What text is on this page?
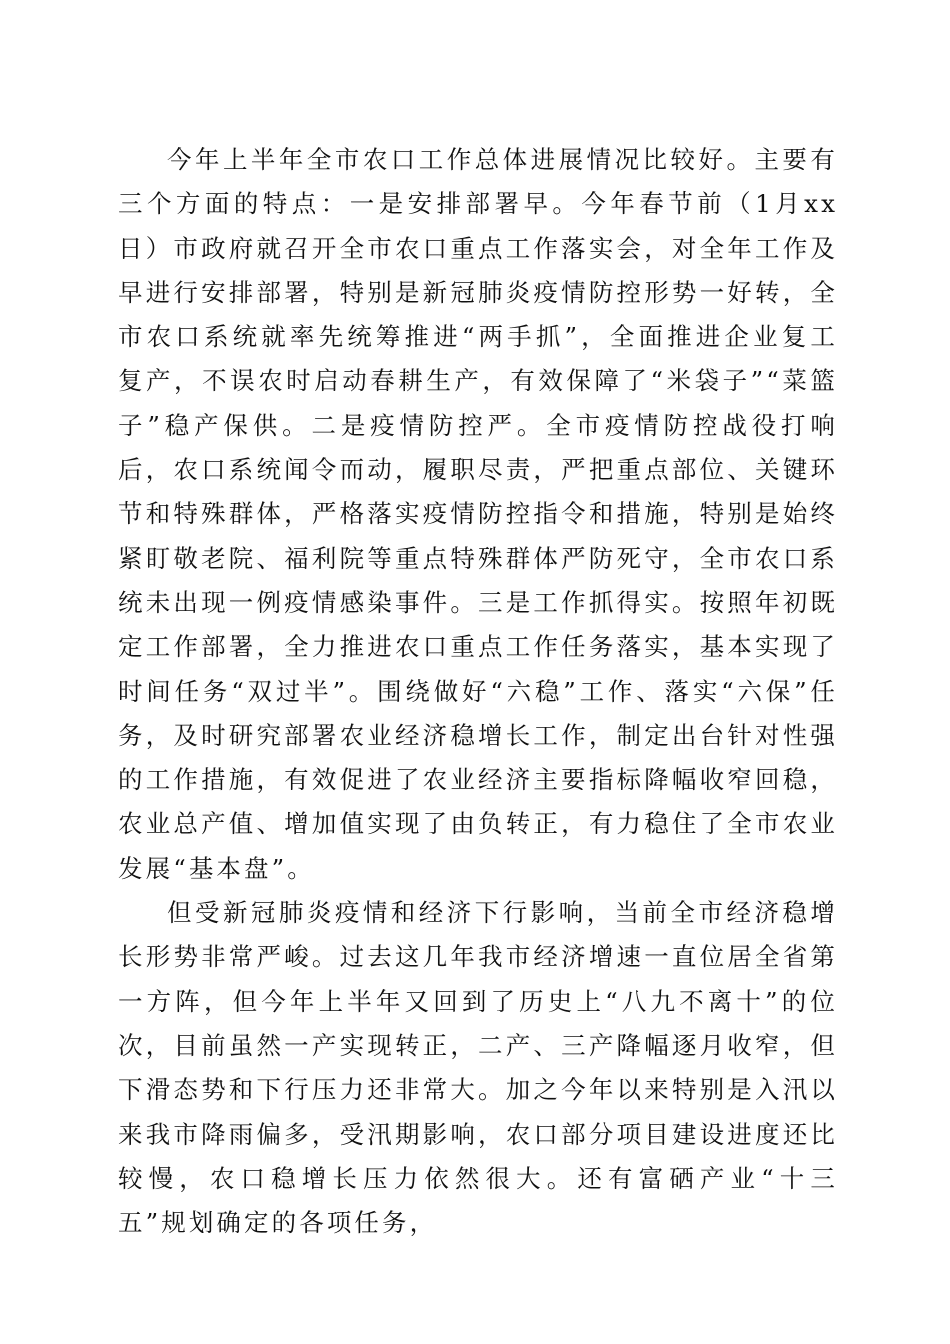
今年上半年全市农口工作总体进展情况比较好。主要有三个方面的特点：一是安排部署早。今年春节前（1月xx日）市政府就召开全市农口重点工作落实会，对全年工作及早进行安排部署，特别是新冠肺炎疫情防控形势一好转，全市农口系统就率先统筹推进“两手抓”，全面推进企业复工复产，不误农时启动春耕生产，有效保障了“米袋子”“菜篮子”稳产保供。二是疫情防控严。全市疫情防控战役打响后，农口系统闻令而动，履职尽责，严把重点部位、关键环节和特殊群体，严格落实疫情防控指令和措施，特别是始终紧盯敬老院、福利院等重点特殊群体严防死守，全市农口系统未出现一例疫情感染事件。三是工作抓得实。按照年初既定工作部署，全力推进农口重点工作任务落实，基本实现了时间任务“双过半”。围绕做好“六稳”工作、落实“六保”任务，及时研究部署农业经济稳增长工作，制定出台针对性强的工作措施，有效促进了农业经济主要指标降幅收窄回稳，农业总产值、增加值实现了由负转正，有力稳住了全市农业发展“基本盘”。

但受新冠肺炎疫情和经济下行影响，当前全市经济稳增长形势非常严峻。过去这几年我市经济增速一直位居全省第一方阵，但今年上半年又回到了历史上“八九不离十”的位次，目前虽然一产实现转正，二产、三产降幅逐月收窄，但下滑态势和下行压力还非常大。加之今年以来特别是入汛以来我市降雨偏多，受汛期影响，农口部分项目建设进度还比较慢，农口稳增长压力依然很大。还有富硒产业“十三五”规划确定的各项任务，
